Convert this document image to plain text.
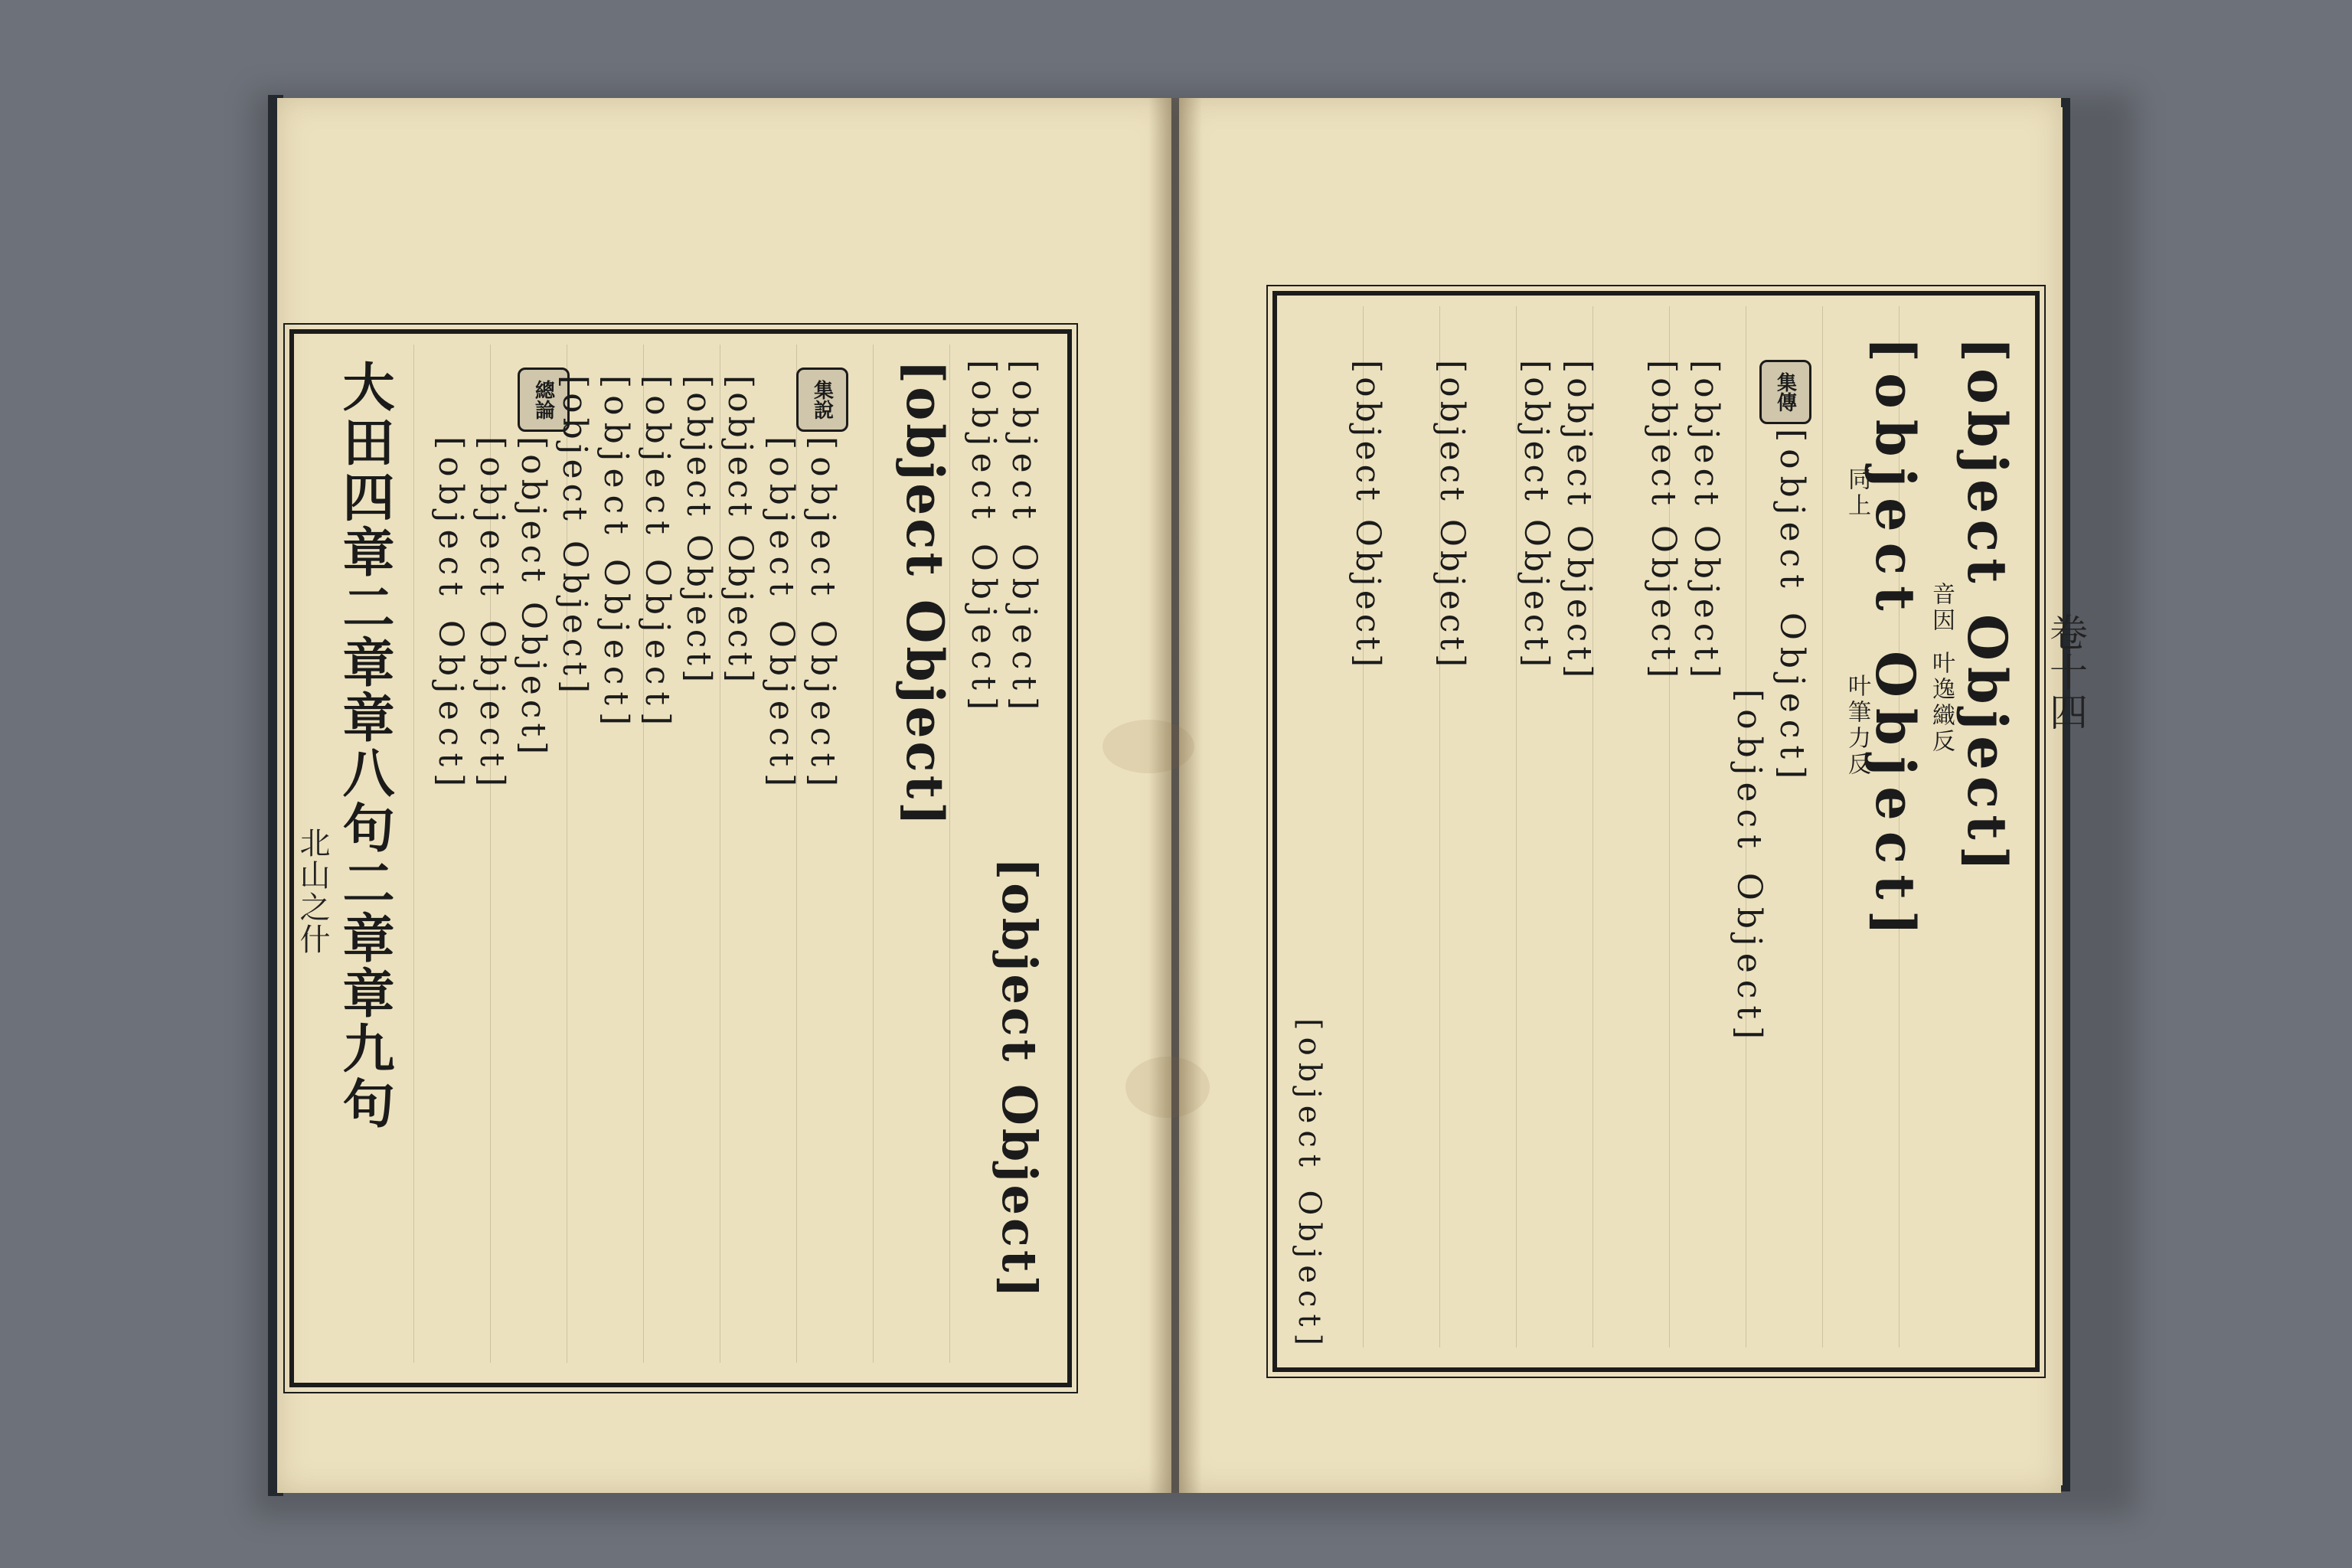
北山之什 大田四章二章章八句二章章九句	[object Object]
[object Object]
[object Object]
[object Object]
集說
[object Object]
[object Object]
[object Object]
[object Object]
[object Object]
[object Object]
總論 [object Object]
[object Object]
[object Object]
[object Object]	卷十四
[object Object]
[object Object] 音因
叶逸織反
同上
叶筆力反
集傳
[object Object]
[object Object]
[object Object]
[object Object]
[object Object]
[object Object]
[object Object]
[object Object]
[object Object]
